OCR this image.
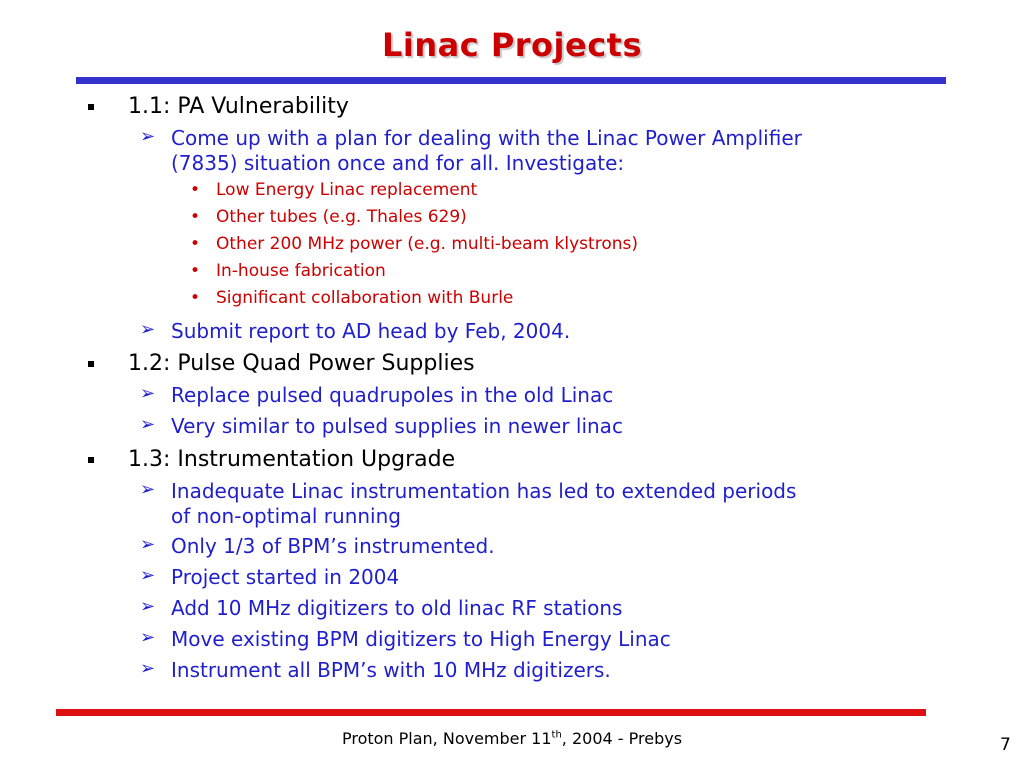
Linac Projects
1.1: PA Vulnerability
➢ Come up with a plan for dealing with the Linac Power Amplifier
(7835) situation once and for all. Investigate:
• Low Energy Linac replacement
• Other tubes (e.g. Thales 629)
• Other 200 MHz power (e.g. multi-beam klystrons)
• In-house fabrication
• Significant collaboration with Burle
➢ Submit report to AD head by Feb, 2004.
1.2: Pulse Quad Power Supplies
➢ Replace pulsed quadrupoles in the old Linac
➢ Very similar to pulsed supplies in newer linac
1.3: Instrumentation Upgrade
➢ Inadequate Linac instrumentation has led to extended periods
of non-optimal running
➢ Only 1/3 of BPM’s instrumented.
➢ Project started in 2004
➢ Add 10 MHz digitizers to old linac RF stations
➢ Move existing BPM digitizers to High Energy Linac
➢ Instrument all BPM’s with 10 MHz digitizers.
Proton Plan, November 11th, 2004 - Prebys	7
